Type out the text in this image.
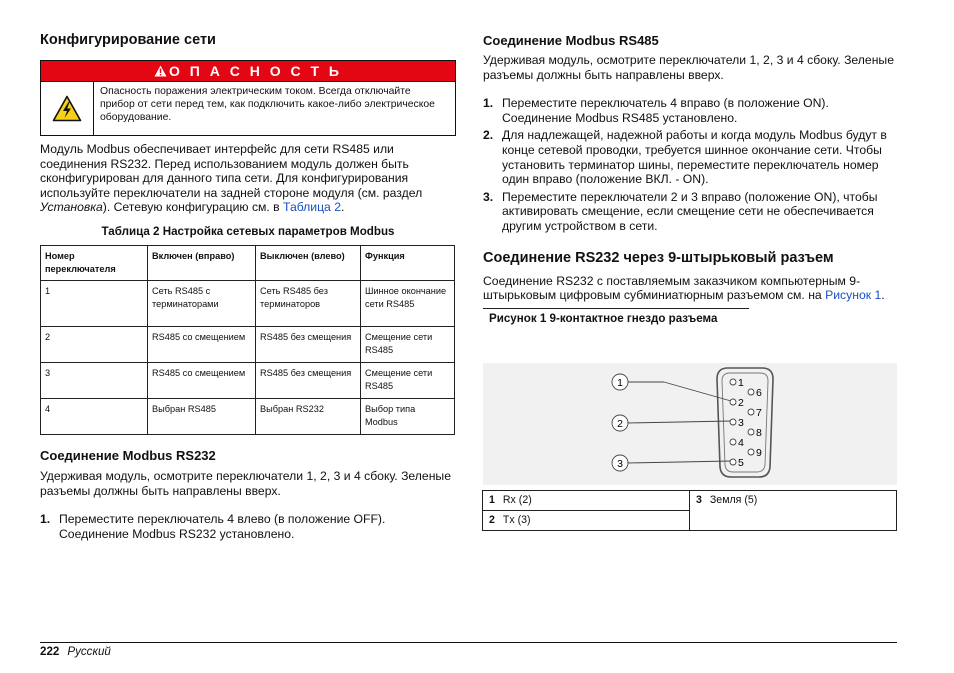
Конфигурирование сети
О П А С Н О С Т Ь
Опасность поражения электрическим током. Всегда отключайте прибор от сети перед тем, как подключить какое-либо электрическое оборудование.

Модуль Modbus обеспечивает интерфейс для сети RS485 или соединения RS232. Перед использованием модуль должен быть сконфигурирован для данного типа сети. Для конфигурирования используйте переключатели на задней стороне модуля (см. раздел Установка). Сетевую конфигурацию см. в Таблица 2.

Таблица 2 Настройка сетевых параметров Modbus
Номер переключателя	Включен (вправо)	Выключен (влево)	Функция
1	Сеть RS485 с терминаторами	Сеть RS485 без терминаторов	Шинное окончание сети RS485
2	RS485 со смещением	RS485 без смещения	Смещение сети RS485
3	RS485 со смещением	RS485 без смещения	Смещение сети RS485
4	Выбран RS485	Выбран RS232	Выбор типа Modbus
Соединение Modbus RS232

Удерживая модуль, осмотрите переключатели 1, 2, 3 и 4 сбоку. Зеленые разъемы должны быть направлены вверх.

1. Переместите переключатель 4 влево (в положение OFF). Соединение Modbus RS232 установлено.
Соединение Modbus RS485

Удерживая модуль, осмотрите переключатели 1, 2, 3 и 4 сбоку. Зеленые разъемы должны быть направлены вверх.

1. Переместите переключатель 4 вправо (в положение ON). Соединение Modbus RS485 установлено.
2. Для надлежащей, надежной работы и когда модуль Modbus будут в конце сетевой проводки, требуется шинное окончание сети. Чтобы установить терминатор шины, переместите переключатель номер один вправо (положение ВКЛ. - ON).
3. Переместите переключатели 2 и 3 вправо (положение ON), чтобы активировать смещение, если смещение сети не обеспечивается другим устройством в сети.
Соединение RS232 через 9-штырьковый разъем

Соединение RS232 с поставляемым заказчиком компьютерным 9-штырьковым цифровым субминиатюрным разъемом см. на Рисунок 1.

Рисунок 1 9-контактное гнездо разъема
1
2
3
1
2
3
4
5
6
7
8
9
1 Rx (2)	3 Земля (5)
2 Tx (3)
222 Русский
